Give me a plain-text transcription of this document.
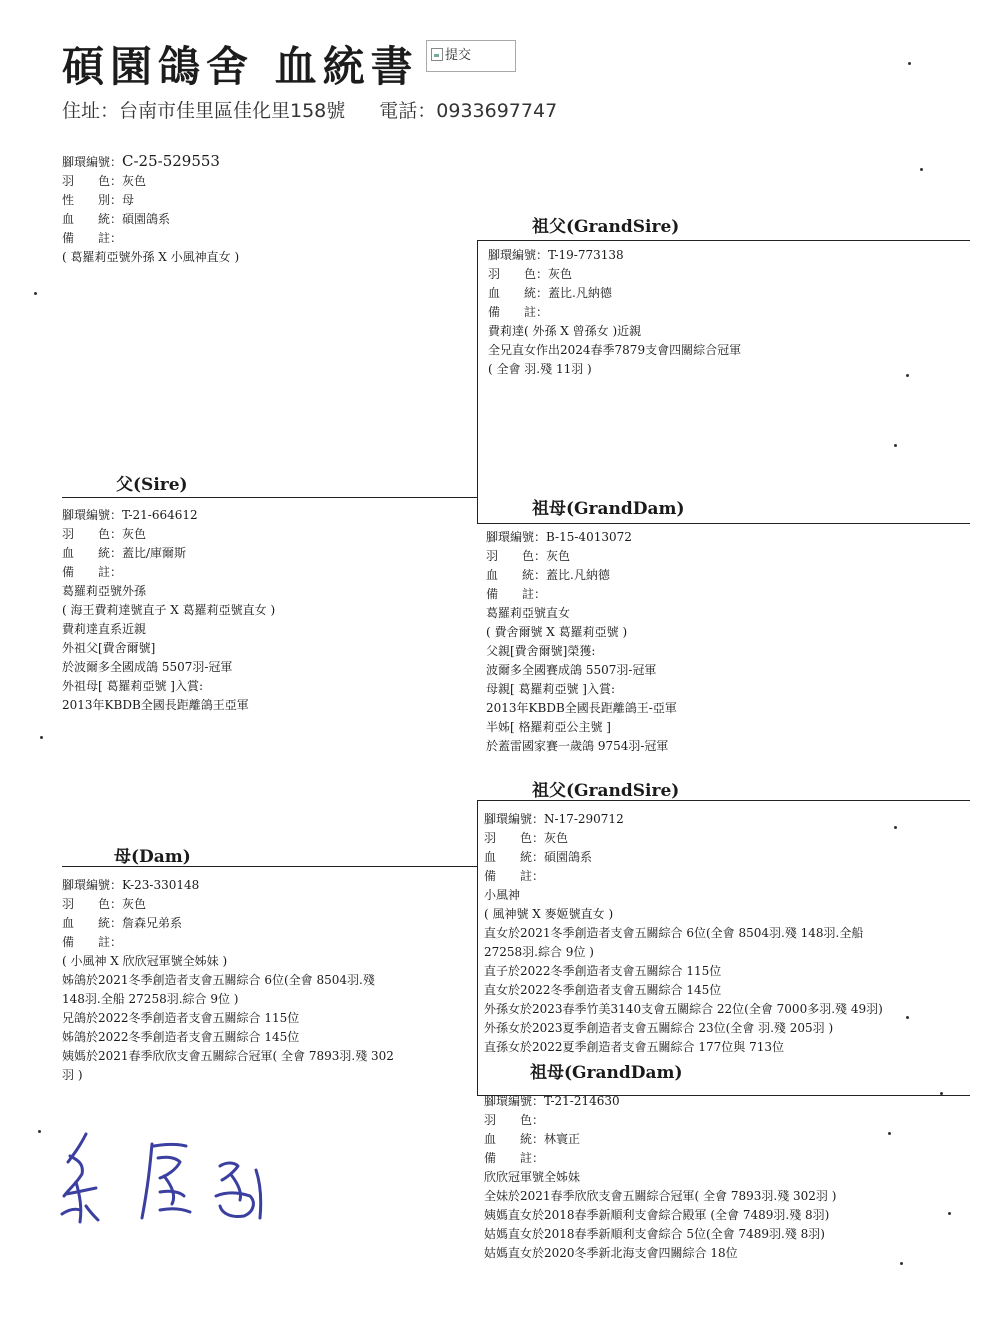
碩園鴿舍 血統書	提交
住址：台南市佳里區佳化里158號 電話：0933697747
腳環編號：C-25-529553
羽　　色：灰色
性　　別：母
血　　統：碩園鴿系
備　　註：
( 葛羅莉亞號外孫 X 小風神直女 )
祖父(GrandSire)
腳環編號：T-19-773138
羽　　色：灰色
血　　統：蓋比.凡納德
備　　註：
費莉達( 外孫 X 曾孫女 )近親
全兄直女作出2024春季7879支會四關綜合冠軍
( 全會 羽.殘 11羽 )
父(Sire)
腳環編號：T-21-664612
羽　　色：灰色
血　　統：蓋比/庫爾斯
備　　註：
葛羅莉亞號外孫
( 海王費莉達號直子 X 葛羅莉亞號直女 )
費莉達直系近親
外祖父[費舍爾號]
於波爾多全國成鴿 5507羽-冠軍
外祖母[ 葛羅莉亞號 ]入賞:
2013年KBDB全國長距離鴿王亞軍
祖母(GrandDam)
腳環編號：B-15-4013072
羽　　色：灰色
血　　統：蓋比.凡納德
備　　註：
葛羅莉亞號直女
( 費舍爾號 X 葛羅莉亞號 )
父親[費舍爾號]榮獲:
波爾多全國賽成鴿 5507羽-冠軍
母親[ 葛羅莉亞號 ]入賞:
2013年KBDB全國長距離鴿王-亞軍
半姊[ 格羅莉亞公主號 ]
於蓋雷國家賽一歲鴿 9754羽-冠軍
祖父(GrandSire)
腳環編號：N-17-290712
羽　　色：灰色
血　　統：碩園鴿系
備　　註：
小風神
( 風神號 X 麥姬號直女 )
直女於2021冬季創造者支會五關綜合 6位(全會 8504羽.殘 148羽.全船
27258羽.綜合 9位 )
直子於2022冬季創造者支會五關綜合 115位
直女於2022冬季創造者支會五關綜合 145位
外孫女於2023春季竹美3140支會五關綜合 22位(全會 7000多羽.殘 49羽)
外孫女於2023夏季創造者支會五關綜合 23位(全會 羽.殘 205羽 )
直孫女於2022夏季創造者支會五關綜合 177位與 713位
母(Dam)
腳環編號：K-23-330148
羽　　色：灰色
血　　統：詹森兄弟系
備　　註：
( 小風神 X 欣欣冠軍號全姊妹 )
姊鴿於2021冬季創造者支會五關綜合 6位(全會 8504羽.殘
148羽.全船 27258羽.綜合 9位 )
兄鴿於2022冬季創造者支會五關綜合 115位
姊鴿於2022冬季創造者支會五關綜合 145位
姨媽於2021春季欣欣支會五關綜合冠軍( 全會 7893羽.殘 302
羽 )	祖母(GrandDam)
腳環編號：T-21-214630
羽　　色：
血　　統：林寰正
備　　註：
欣欣冠軍號全姊妹
全妹於2021春季欣欣支會五關綜合冠軍( 全會 7893羽.殘 302羽 )
姨媽直女於2018春季新順利支會綜合殿軍 (全會 7489羽.殘 8羽)
姑媽直女於2018春季新順利支會綜合 5位(全會 7489羽.殘 8羽)
姑媽直女於2020冬季新北海支會四關綜合 18位
